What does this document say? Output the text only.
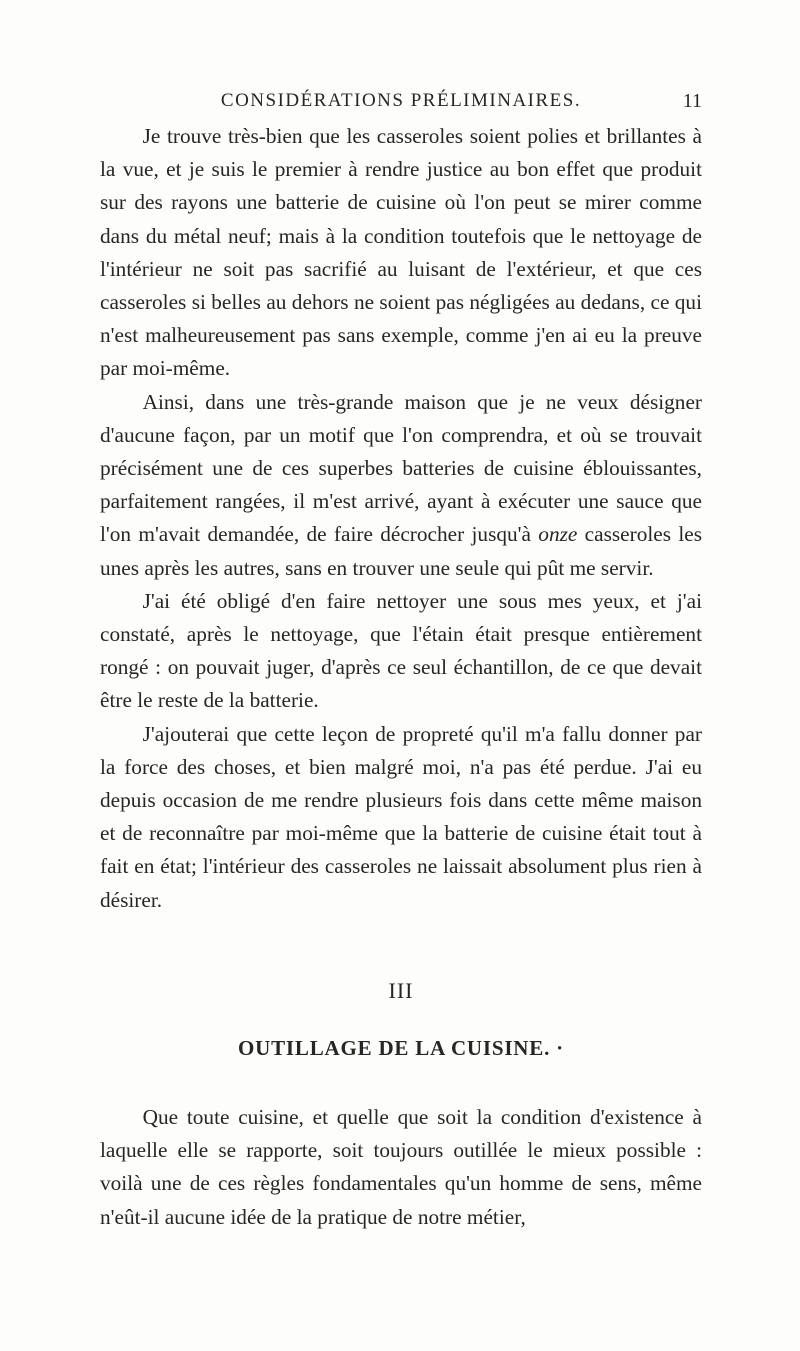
CONSIDÉRATIONS PRÉLIMINAIRES.	11

Je trouve très-bien que les casseroles soient polies et brillantes à la vue, et je suis le premier à rendre justice au bon effet que produit sur des rayons une batterie de cuisine où l'on peut se mirer comme dans du métal neuf; mais à la condition toutefois que le nettoyage de l'intérieur ne soit pas sacrifié au luisant de l'extérieur, et que ces casseroles si belles au dehors ne soient pas négligées au dedans, ce qui n'est malheureusement pas sans exemple, comme j'en ai eu la preuve par moi-même.

Ainsi, dans une très-grande maison que je ne veux désigner d'aucune façon, par un motif que l'on comprendra, et où se trouvait précisément une de ces superbes batteries de cuisine éblouissantes, parfaitement rangées, il m'est arrivé, ayant à exécuter une sauce que l'on m'avait demandée, de faire décrocher jusqu'à onze casseroles les unes après les autres, sans en trouver une seule qui pût me servir.

J'ai été obligé d'en faire nettoyer une sous mes yeux, et j'ai constaté, après le nettoyage, que l'étain était presque entièrement rongé : on pouvait juger, d'après ce seul échantillon, de ce que devait être le reste de la batterie.

J'ajouterai que cette leçon de propreté qu'il m'a fallu donner par la force des choses, et bien malgré moi, n'a pas été perdue. J'ai eu depuis occasion de me rendre plusieurs fois dans cette même maison et de reconnaître par moi-même que la batterie de cuisine était tout à fait en état; l'intérieur des casseroles ne laissait absolument plus rien à désirer.

III
OUTILLAGE DE LA CUISINE. ·

Que toute cuisine, et quelle que soit la condition d'existence à laquelle elle se rapporte, soit toujours outillée le mieux possible : voilà une de ces règles fondamentales qu'un homme de sens, même n'eût-il aucune idée de la pratique de notre métier,
